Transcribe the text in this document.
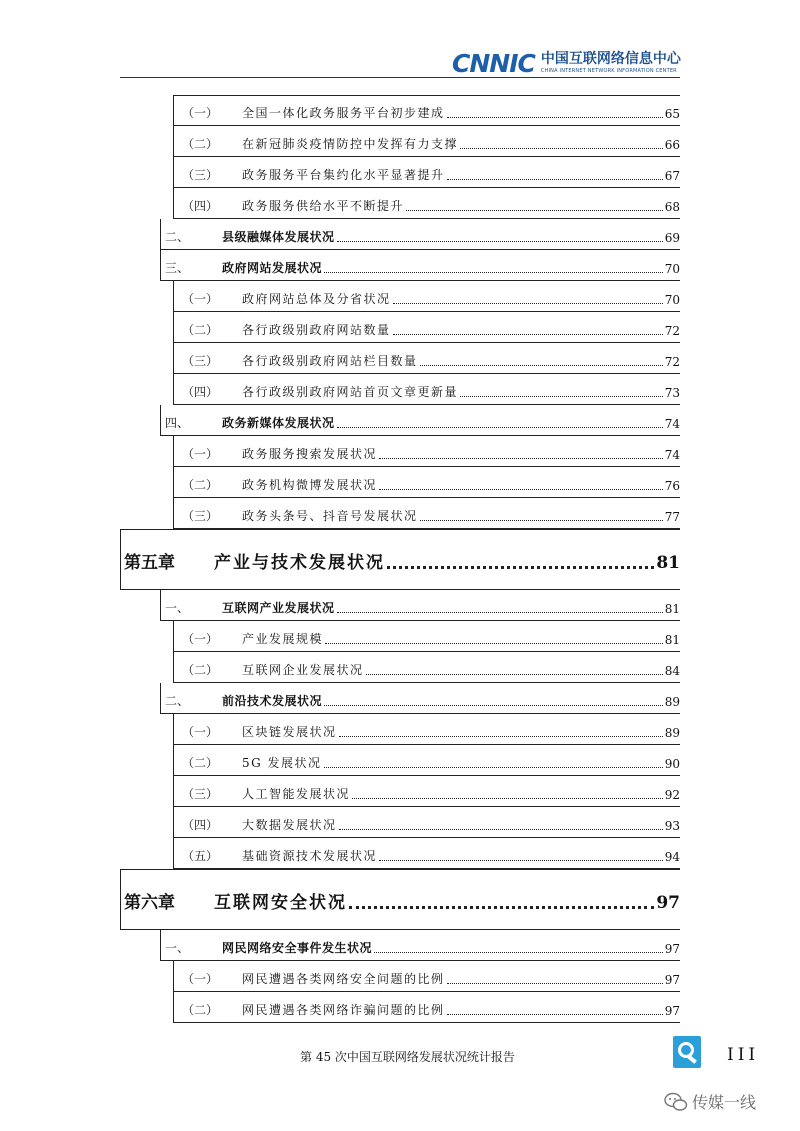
CNNIC 中国互联网络信息中心
CHINA INTERNET NETWORK INFORMATION CENTER
（一）	全国一体化政务服务平台初步建成	65
（二）	在新冠肺炎疫情防控中发挥有力支撑	66
（三）	政务服务平台集约化水平显著提升	67
（四）	政务服务供给水平不断提升	68
二、	县级融媒体发展状况	69
三、	政府网站发展状况	70
（一）	政府网站总体及分省状况	70
（二）	各行政级别政府网站数量	72
（三）	各行政级别政府网站栏目数量	72
（四）	各行政级别政府网站首页文章更新量	73
四、	政务新媒体发展状况	74
（一）	政务服务搜索发展状况	74
（二）	政务机构微博发展状况	76
（三）	政务头条号、抖音号发展状况	77
第五章	产业与技术发展状况	81
一、	互联网产业发展状况	81
（一）	产业发展规模	81
（二）	互联网企业发展状况	84
二、	前沿技术发展状况	89
（一）	区块链发展状况	89
（二）	5G 发展状况	90
（三）	人工智能发展状况	92
（四）	大数据发展状况	93
（五）	基础资源技术发展状况	94
第六章	互联网安全状况	97
一、	网民网络安全事件发生状况	97
（一）	网民遭遇各类网络安全问题的比例	97
（二）	网民遭遇各类网络诈骗问题的比例	97
第 45 次中国互联网络发展状况统计报告	III
传媒一线
